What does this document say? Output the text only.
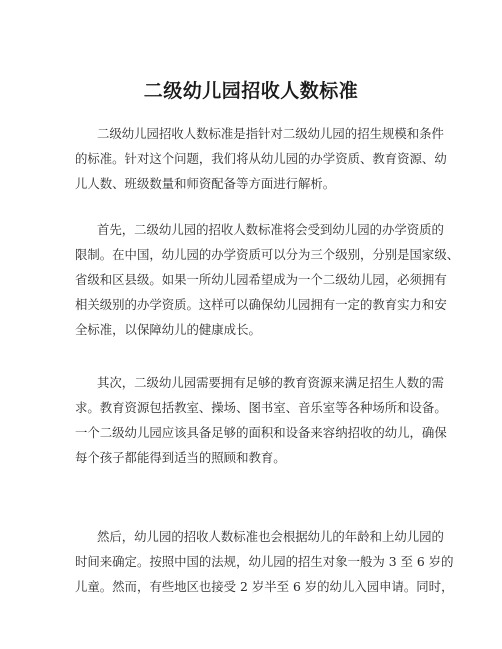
二级幼儿园招收人数标准
二级幼儿园招收人数标准是指针对二级幼儿园的招生规模和条件
的标准。针对这个问题，我们将从幼儿园的办学资质、教育资源、幼
儿人数、班级数量和师资配备等方面进行解析。
首先，二级幼儿园的招收人数标准将会受到幼儿园的办学资质的
限制。在中国，幼儿园的办学资质可以分为三个级别，分别是国家级、
省级和区县级。如果一所幼儿园希望成为一个二级幼儿园，必须拥有
相关级别的办学资质。这样可以确保幼儿园拥有一定的教育实力和安
全标准，以保障幼儿的健康成长。
其次，二级幼儿园需要拥有足够的教育资源来满足招生人数的需
求。教育资源包括教室、操场、图书室、音乐室等各种场所和设备。
一个二级幼儿园应该具备足够的面积和设备来容纳招收的幼儿，确保
每个孩子都能得到适当的照顾和教育。
然后，幼儿园的招收人数标准也会根据幼儿的年龄和上幼儿园的
时间来确定。按照中国的法规，幼儿园的招生对象一般为 3 至 6 岁的
儿童。然而，有些地区也接受 2 岁半至 6 岁的幼儿入园申请。同时，
